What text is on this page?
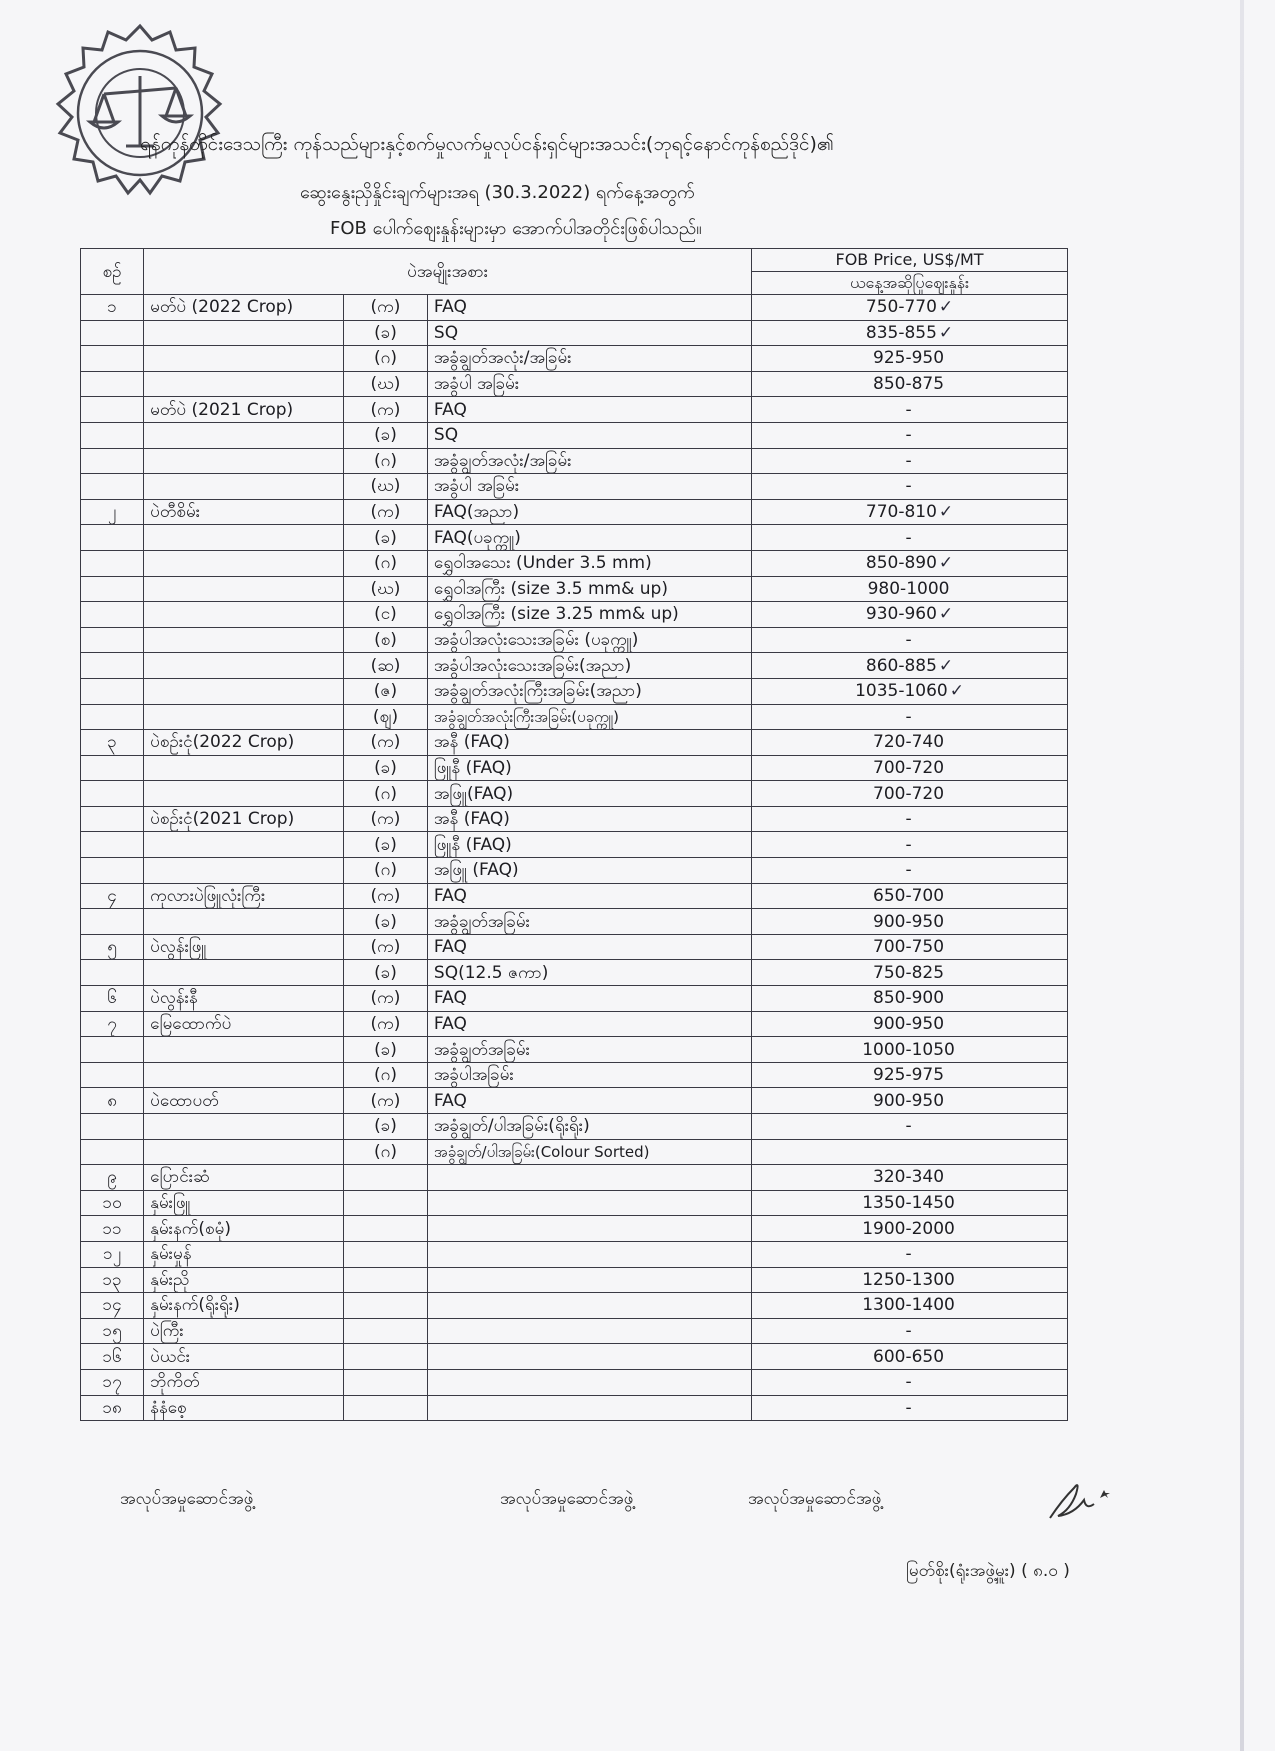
ရန်ကုန်တိုင်းဒေသကြီး ကုန်သည်များနှင့်စက်မှုလက်မှုလုပ်ငန်းရှင်များအသင်း(ဘုရင့်နောင်ကုန်စည်ဒိုင်)၏
ဆွေးနွေးညှိနှိုင်းချက်များအရ (30.3.2022) ရက်နေ့အတွက်
FOB ပေါက်ဈေးနှုန်းများမှာ အောက်ပါအတိုင်းဖြစ်ပါသည်။
စဉ်	ပဲအမျိုးအစား			FOB Price, US$/MT
				ယနေ့အဆိုပြုဈေးနှုန်း
၁	မတ်ပဲ (2022 Crop)	(က)	FAQ	750-770 ✓
		(ခ)	SQ	835-855 ✓
		(ဂ)	အခွံချွတ်အလုံး/အခြမ်း	925-950
		(ဃ)	အခွံပါ အခြမ်း	850-875
	မတ်ပဲ (2021 Crop)	(က)	FAQ	-
		(ခ)	SQ	-
		(ဂ)	အခွံချွတ်အလုံး/အခြမ်း	-
		(ဃ)	အခွံပါ အခြမ်း	-
၂	ပဲတီစိမ်း	(က)	FAQ(အညာ)	770-810 ✓
		(ခ)	FAQ(ပခုက္ကူ)	-
		(ဂ)	ရွှေဝါအသေး (Under 3.5 mm)	850-890 ✓
		(ဃ)	ရွှေဝါအကြီး (size 3.5 mm& up)	980-1000
		(င)	ရွှေဝါအကြီး (size 3.25 mm& up)	930-960 ✓
		(စ)	အခွံပါအလုံးသေးအခြမ်း (ပခုက္ကူ)	-
		(ဆ)	အခွံပါအလုံးသေးအခြမ်း(အညာ)	860-885 ✓
		(ဇ)	အခွံချွတ်အလုံးကြီးအခြမ်း(အညာ)	1035-1060 ✓
		(ဈ)	အခွံချွတ်အလုံးကြီးအခြမ်း(ပခုက္ကူ)	-
၃	ပဲစဉ်းငုံ(2022 Crop)	(က)	အနီ (FAQ)	720-740
		(ခ)	ဖြူနီ (FAQ)	700-720
		(ဂ)	အဖြူ(FAQ)	700-720
	ပဲစဉ်းငုံ(2021 Crop)	(က)	အနီ (FAQ)	-
		(ခ)	ဖြူနီ (FAQ)	-
		(ဂ)	အဖြူ (FAQ)	-
၄	ကုလားပဲဖြူလုံးကြီး	(က)	FAQ	650-700
		(ခ)	အခွံချွတ်အခြမ်း	900-950
၅	ပဲလွန်းဖြူ	(က)	FAQ	700-750
		(ခ)	SQ(12.5 ဇကာ)	750-825
၆	ပဲလွန်းနီ	(က)	FAQ	850-900
၇	မြေထောက်ပဲ	(က)	FAQ	900-950
		(ခ)	အခွံချွတ်အခြမ်း	1000-1050
		(ဂ)	အခွံပါအခြမ်း	925-975
၈	ပဲထောပတ်	(က)	FAQ	900-950
		(ခ)	အခွံချွတ်/ပါအခြမ်း(ရိုးရိုး)	-
		(ဂ)	အခွံချွတ်/ပါအခြမ်း(Colour Sorted)	
၉	ပြောင်းဆံ			320-340
၁၀	နှမ်းဖြူ			1350-1450
၁၁	နှမ်းနက်(စမုံ)			1900-2000
၁၂	နှမ်းမှုန်			-
၁၃	နှမ်းညို			1250-1300
၁၄	နှမ်းနက်(ရိုးရိုး)			1300-1400
၁၅	ပဲကြီး			-
၁၆	ပဲယင်း			600-650
၁၇	ဘိုကိတ်			-
၁၈	နံနံစေ့			-
အလုပ်အမှုဆောင်အဖွဲ့	အလုပ်အမှုဆောင်အဖွဲ့	အလုပ်အမှုဆောင်အဖွဲ့
မြတ်စိုး(ရုံးအဖွဲ့မှူး) ( ၈.၀ )
